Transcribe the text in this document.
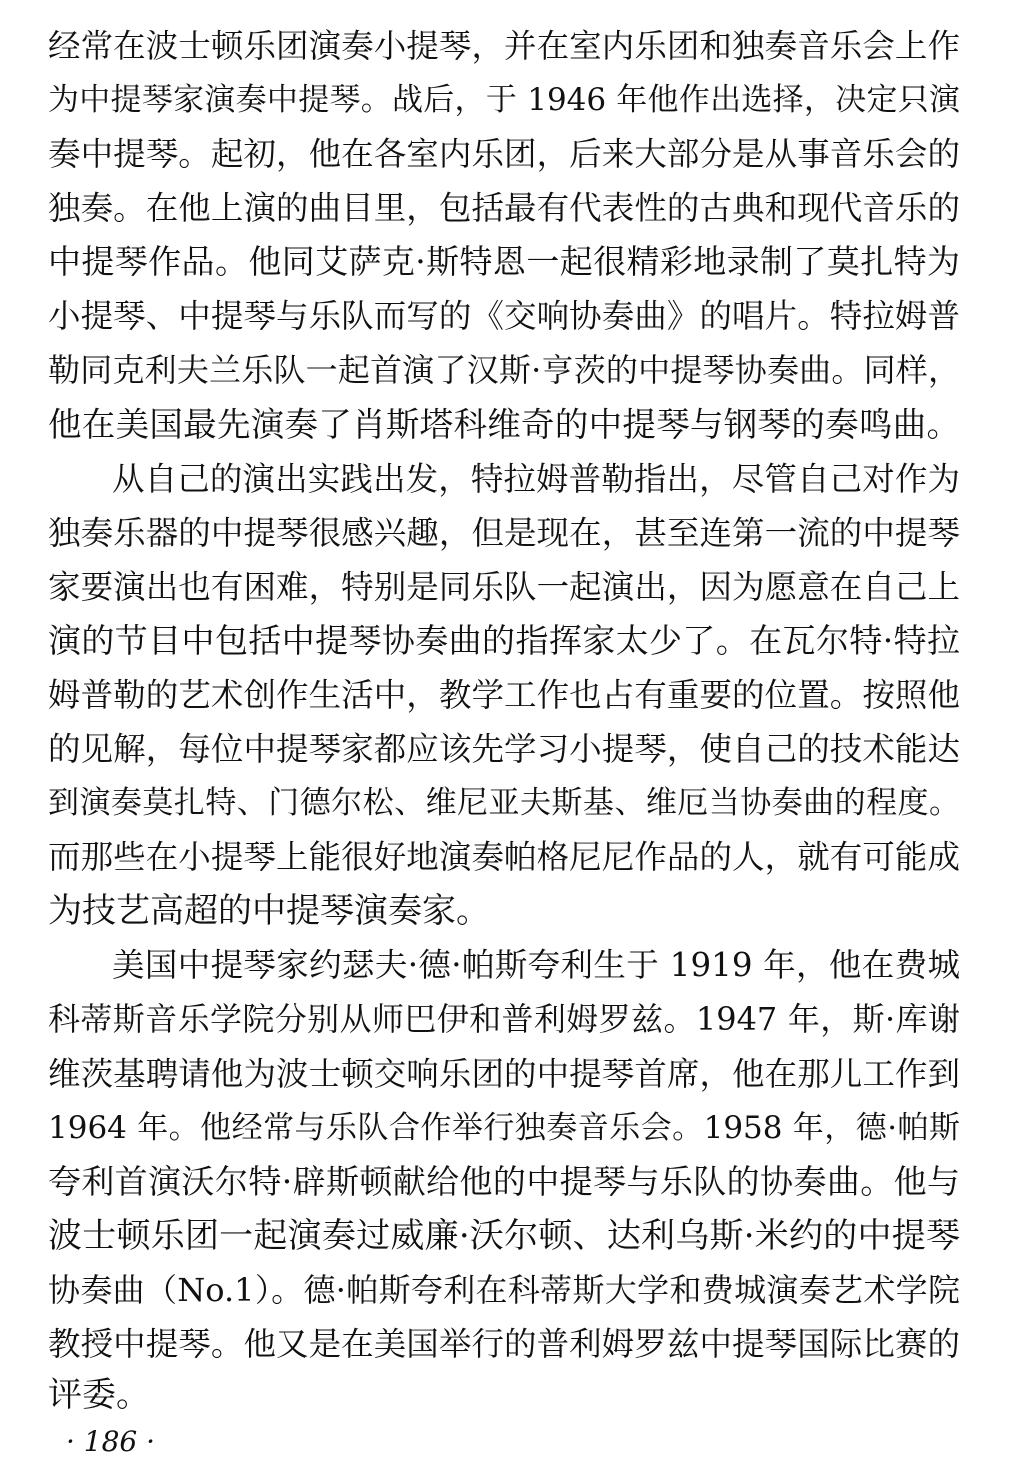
经常在波士顿乐团演奏小提琴，并在室内乐团和独奏音乐会上作
为中提琴家演奏中提琴。战后，于 1946 年他作出选择，决定只演
奏中提琴。起初，他在各室内乐团，后来大部分是从事音乐会的
独奏。在他上演的曲目里，包括最有代表性的古典和现代音乐的
中提琴作品。他同艾萨克·斯特恩一起很精彩地录制了莫扎特为
小提琴、中提琴与乐队而写的《交响协奏曲》的唱片。特拉姆普
勒同克利夫兰乐队一起首演了汉斯·亨茨的中提琴协奏曲。同样，
他在美国最先演奏了肖斯塔科维奇的中提琴与钢琴的奏鸣曲。
从自己的演出实践出发，特拉姆普勒指出，尽管自己对作为
独奏乐器的中提琴很感兴趣，但是现在，甚至连第一流的中提琴
家要演出也有困难，特别是同乐队一起演出，因为愿意在自己上
演的节目中包括中提琴协奏曲的指挥家太少了。在瓦尔特·特拉
姆普勒的艺术创作生活中，教学工作也占有重要的位置。按照他
的见解，每位中提琴家都应该先学习小提琴，使自己的技术能达
到演奏莫扎特、门德尔松、维尼亚夫斯基、维厄当协奏曲的程度。
而那些在小提琴上能很好地演奏帕格尼尼作品的人，就有可能成
为技艺高超的中提琴演奏家。
美国中提琴家约瑟夫·德·帕斯夸利生于 1919 年，他在费城
科蒂斯音乐学院分别从师巴伊和普利姆罗兹。1947 年，斯·库谢
维茨基聘请他为波士顿交响乐团的中提琴首席，他在那儿工作到
1964 年。他经常与乐队合作举行独奏音乐会。1958 年，德·帕斯
夸利首演沃尔特·辟斯顿献给他的中提琴与乐队的协奏曲。他与
波士顿乐团一起演奏过威廉·沃尔顿、达利乌斯·米约的中提琴
协奏曲（No.1）。德·帕斯夸利在科蒂斯大学和费城演奏艺术学院
教授中提琴。他又是在美国举行的普利姆罗兹中提琴国际比赛的
评委。
· 186 ·
